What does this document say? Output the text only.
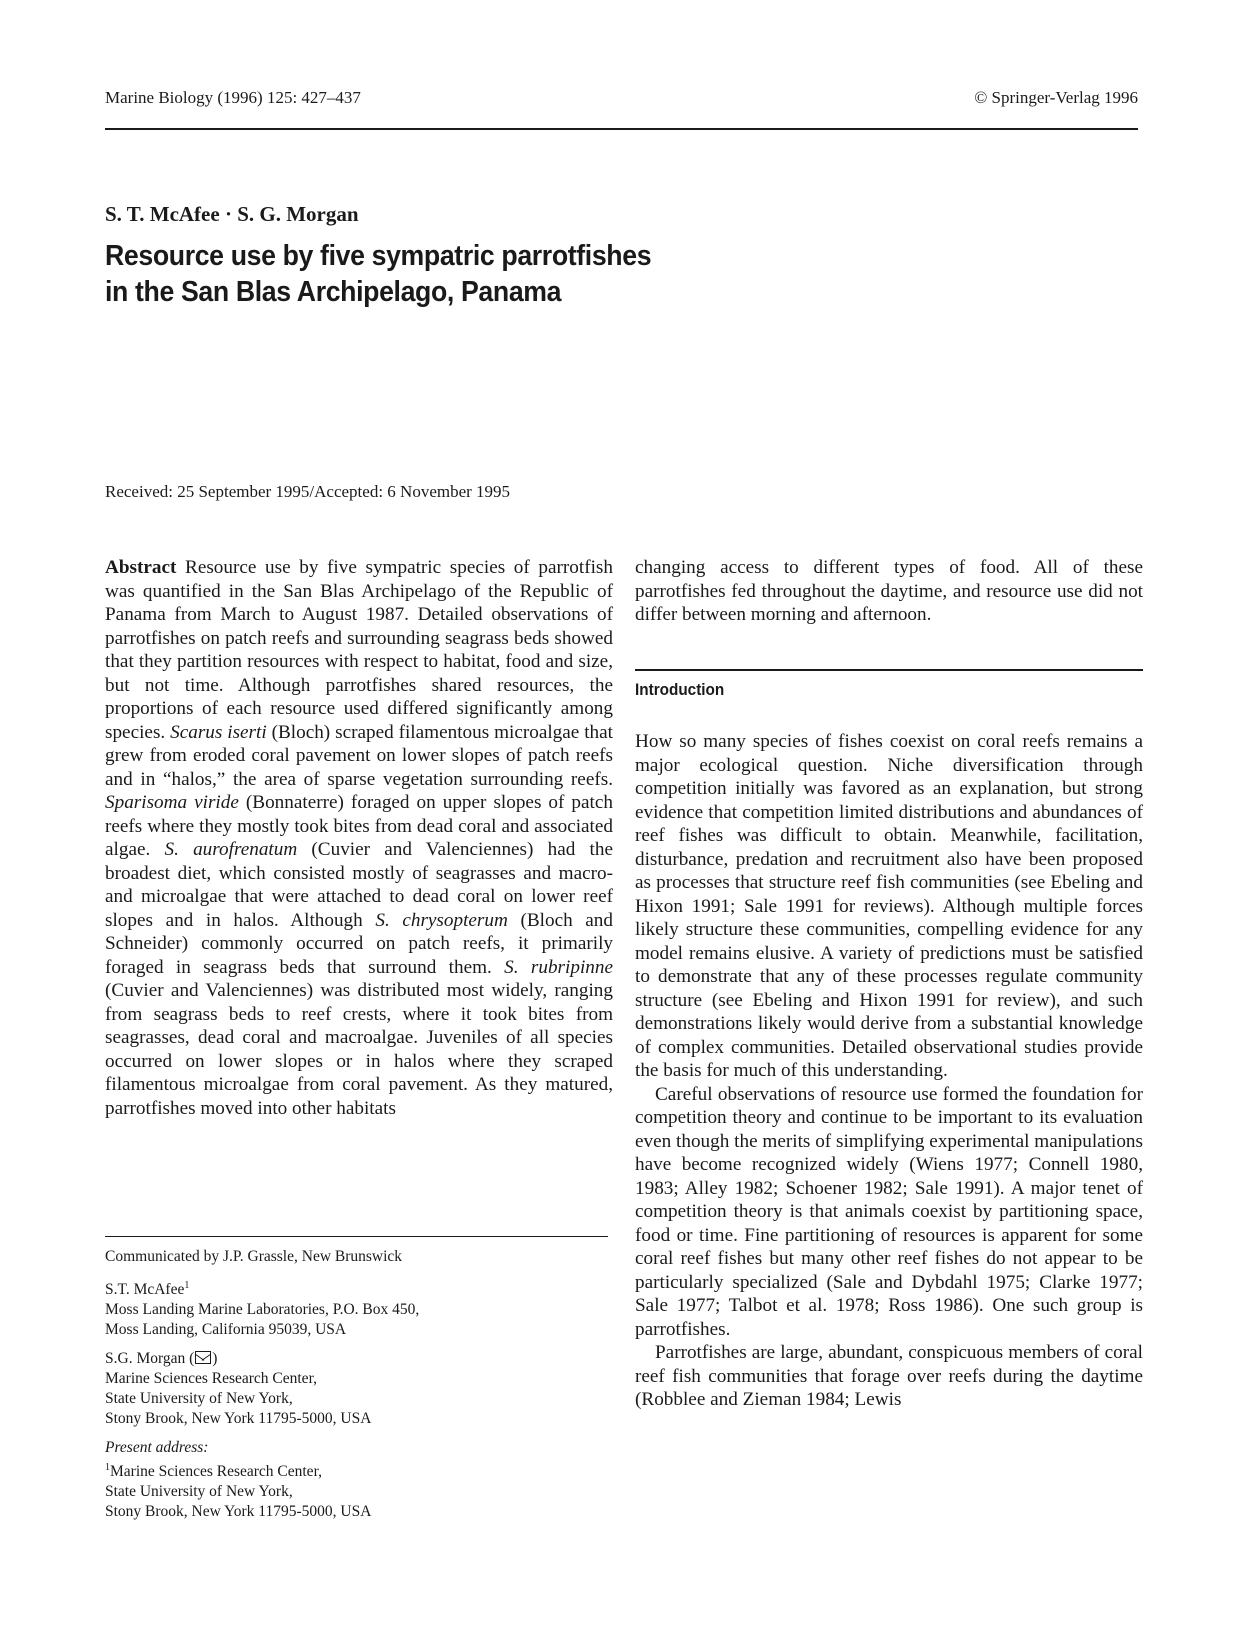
Marine Biology (1996) 125: 427–437	© Springer-Verlag 1996
S. T. McAfee · S. G. Morgan
Resource use by five sympatric parrotfishes
in the San Blas Archipelago, Panama
Received: 25 September 1995/Accepted: 6 November 1995

Abstract Resource use by five sympatric species of parrotfish was quantified in the San Blas Archipelago of the Republic of Panama from March to August 1987. Detailed observations of parrotfishes on patch reefs and surrounding seagrass beds showed that they partition resources with respect to habitat, food and size, but not time. Although parrotfishes shared resources, the proportions of each resource used differed significantly among species. Scarus iserti (Bloch) scraped filamentous microalgae that grew from eroded coral pavement on lower slopes of patch reefs and in “halos,” the area of sparse vegetation surrounding reefs. Sparisoma viride (Bonnaterre) foraged on upper slopes of patch reefs where they mostly took bites from dead coral and associated algae. S. aurofrenatum (Cuvier and Valenciennes) had the broadest diet, which consisted mostly of seagrasses and macro- and microalgae that were attached to dead coral on lower reef slopes and in halos. Although S. chrysopterum (Bloch and Schneider) commonly occurred on patch reefs, it primarily foraged in seagrass beds that surround them. S. rubripinne (Cuvier and Valenciennes) was distributed most widely, ranging from seagrass beds to reef crests, where it took bites from seagrasses, dead coral and macroalgae. Juveniles of all species occurred on lower slopes or in halos where they scraped filamentous microalgae from coral pavement. As they matured, parrotfishes moved into other habitats

changing access to different types of food. All of these parrotfishes fed throughout the daytime, and resource use did not differ between morning and afternoon.

Introduction

How so many species of fishes coexist on coral reefs remains a major ecological question. Niche diversification through competition initially was favored as an explanation, but strong evidence that competition limited distributions and abundances of reef fishes was difficult to obtain. Meanwhile, facilitation, disturbance, predation and recruitment also have been proposed as processes that structure reef fish communities (see Ebeling and Hixon 1991; Sale 1991 for reviews). Although multiple forces likely structure these communities, compelling evidence for any model remains elusive. A variety of predictions must be satisfied to demonstrate that any of these processes regulate community structure (see Ebeling and Hixon 1991 for review), and such demonstrations likely would derive from a substantial knowledge of complex communities. Detailed observational studies provide the basis for much of this understanding.

Careful observations of resource use formed the foundation for competition theory and continue to be important to its evaluation even though the merits of simplifying experimental manipulations have become recognized widely (Wiens 1977; Connell 1980, 1983; Alley 1982; Schoener 1982; Sale 1991). A major tenet of competition theory is that animals coexist by partitioning space, food or time. Fine partitioning of resources is apparent for some coral reef fishes but many other reef fishes do not appear to be particularly specialized (Sale and Dybdahl 1975; Clarke 1977; Sale 1977; Talbot et al. 1978; Ross 1986). One such group is parrotfishes.

Parrotfishes are large, abundant, conspicuous members of coral reef fish communities that forage over reefs during the daytime (Robblee and Zieman 1984; Lewis

Communicated by J.P. Grassle, New Brunswick
S.T. McAfee$^1$
Moss Landing Marine Laboratories, P.O. Box 450,
Moss Landing, California 95039, USA
S.G. Morgan ( )
Marine Sciences Research Center,
State University of New York,
Stony Brook, New York 11795-5000, USA
Present address:
$^1$Marine Sciences Research Center,
State University of New York,
Stony Brook, New York 11795-5000, USA
